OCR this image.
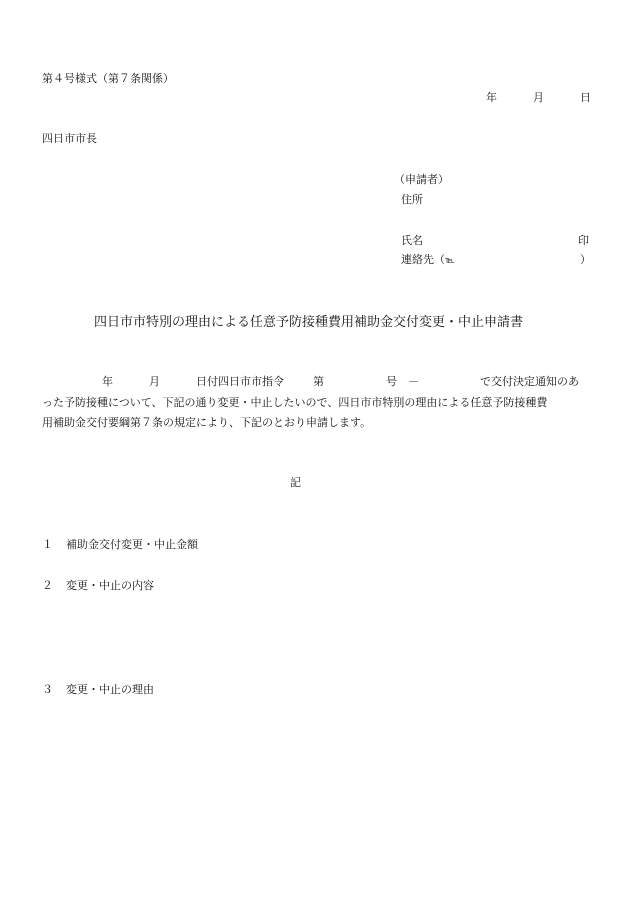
第４号様式（第７条関係）
年	月	日
四日市市長
（申請者）
住所
氏名	印
連絡先（℡	）
四日市市特別の理由による任意予防接種費用補助金交付変更・中止申請書
年	月	日付四日市市指令	第	号 －	で交付決定通知のあ
った予防接種について、下記の通り変更・中止したいので、四日市市特別の理由による任意予防接種費
用補助金交付要綱第７条の規定により、下記のとおり申請します。
記
１ 補助金交付変更・中止金額
２ 変更・中止の内容
３ 変更・中止の理由
